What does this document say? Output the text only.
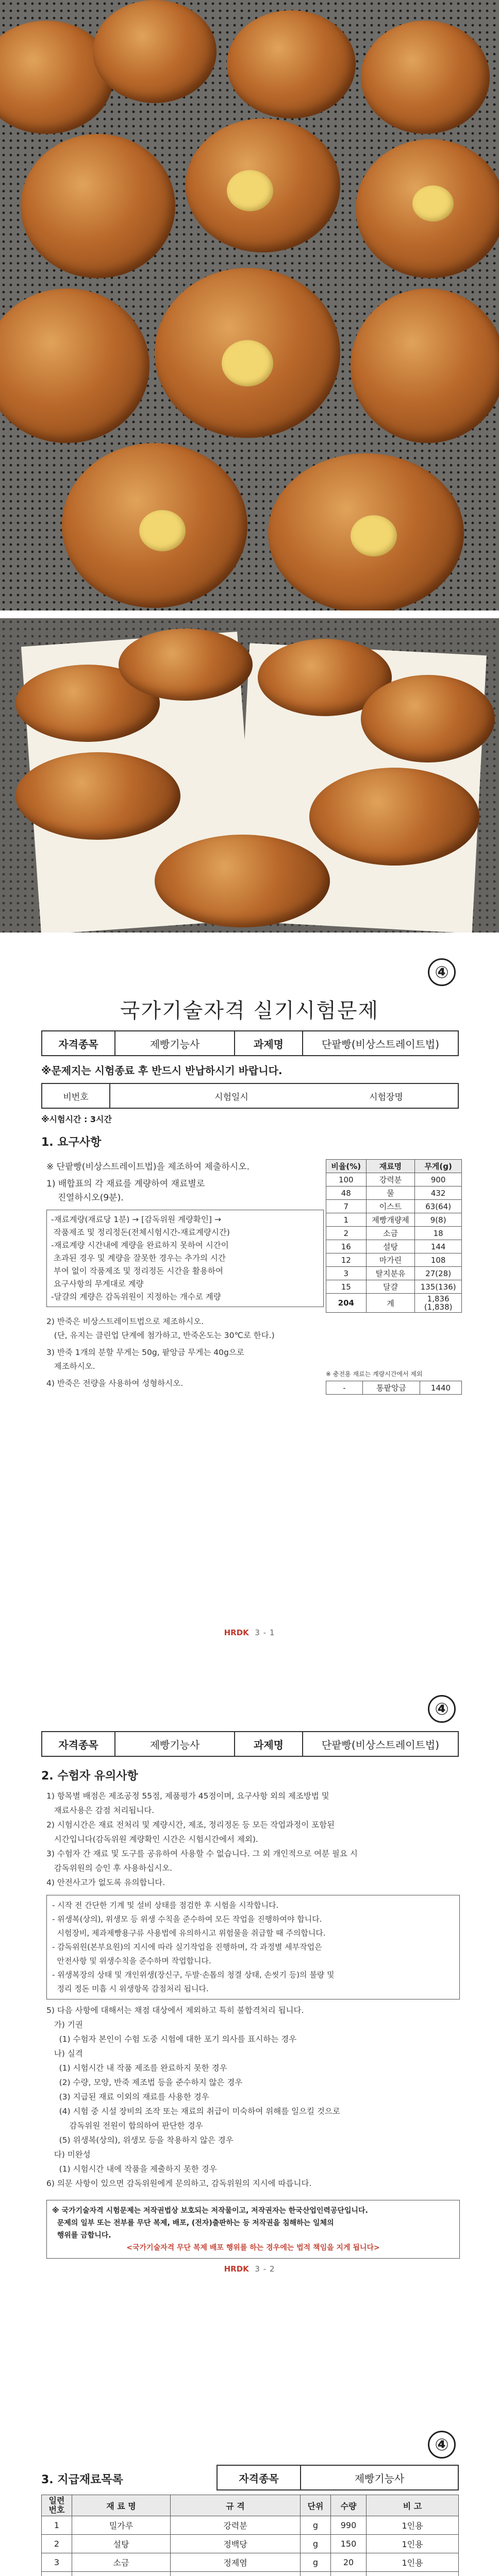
④
국가기술자격 실기시험문제
자격종목	제빵기능사	과제명	단팥빵(비상스트레이트법)
※문제지는 시험종료 후 반드시 반납하시기 바랍니다.
비번호		시험일시		시험장명	
※시험시간 : 3시간
1. 요구사항
※ 단팥빵(비상스트레이트법)을 제조하여 제출하시오.
1) 배합표의 각 재료를 계량하여 재료별로
진열하시오(9분).
-재료계량(재료당 1분) → [감독위원 계량확인] →
작품제조 및 정리정돈(전체시험시간-재료계량시간)
-재료계량 시간내에 계량을 완료하지 못하여 시간이
초과된 경우 및 계량을 잘못한 경우는 추가의 시간
부여 없이 작품제조 및 정리정돈 시간을 활용하여
요구사항의 무게대로 계량
-달걀의 계량은 감독위원이 지정하는 개수로 계량
2) 반죽은 비상스트레이트법으로 제조하시오.
(단, 유지는 클린업 단계에 첨가하고, 반죽온도는 30℃로 한다.)
3) 반죽 1개의 분할 무게는 50g, 팥앙금 무게는 40g으로
제조하시오.
4) 반죽은 전량을 사용하여 성형하시오.
비율(%)	재료명	무게(g)
100	강력분	900
48	물	432
7	이스트	63(64)
1	제빵개량제	9(8)
2	소금	18
16	설탕	144
12	마가린	108
3	탈지분유	27(28)
15	달걀	135(136)
204	계	1,836
(1,838)
※ 충전용 재료는 계량시간에서 제외
-	통팥앙금	1440
HRDK 3 - 1
④
자격종목	제빵기능사	과제명	단팥빵(비상스트레이트법)
2. 수험자 유의사항
1) 항목별 배점은 제조공정 55점, 제품평가 45점이며, 요구사항 외의 제조방법 및
재료사용은 감점 처리됩니다.
2) 시험시간은 재료 전처리 및 계량시간, 제조, 정리정돈 등 모든 작업과정이 포함된
시간입니다(감독위원 계량확인 시간은 시험시간에서 제외).
3) 수험자 간 재료 및 도구를 공유하여 사용할 수 없습니다. 그 외 개인적으로 여분 필요 시
감독위원의 승인 후 사용하십시오.
4) 안전사고가 없도록 유의합니다.
- 시작 전 간단한 기계 및 설비 상태를 점검한 후 시험을 시작합니다.
- 위생복(상의), 위생모 등 위생 수칙을 준수하여 모든 작업을 진행하여야 합니다.
시험장비, 제과제빵용구류 사용법에 유의하시고 위험물을 취급할 때 주의합니다.
- 감독위원(본부요원)의 지시에 따라 실기작업을 진행하며, 각 과정별 세부작업은
안전사항 및 위생수칙을 준수하며 작업합니다.
- 위생복장의 상태 및 개인위생(장신구, 두발·손톱의 청결 상태, 손씻기 등)의 불량 및
정리 정돈 미흡 시 위생항목 감점처리 됩니다.
5) 다음 사항에 대해서는 채점 대상에서 제외하고 특히 불합격처리 됩니다.
가) 기권
(1) 수험자 본인이 수험 도중 시험에 대한 포기 의사를 표시하는 경우
나) 실격
(1) 시험시간 내 작품 제조를 완료하지 못한 경우
(2) 수량, 모양, 반죽 제조법 등을 준수하지 않은 경우
(3) 지급된 재료 이외의 재료를 사용한 경우
(4) 시험 중 시설 장비의 조작 또는 재료의 취급이 미숙하여 위해를 일으킬 것으로
감독위원 전원이 합의하여 판단한 경우
(5) 위생복(상의), 위생모 등을 착용하지 않은 경우
다) 미완성
(1) 시험시간 내에 작품을 제출하지 못한 경우
6) 의문 사항이 있으면 감독위원에게 문의하고, 감독위원의 지시에 따릅니다.
※ 국가기술자격 시험문제는 저작권법상 보호되는 저작물이고, 저작권자는 한국산업인력공단입니다.
문제의 일부 또는 전부를 무단 복제, 배포, (전자)출판하는 등 저작권을 침해하는 일체의
행위를 금합니다.
<국가기술자격 무단 복제 배포 행위를 하는 경우에는 법적 책임을 지게 됩니다>
HRDK 3 - 2
④
3. 지급재료목록	자격종목	제빵기능사
일련
번호	재 료 명	규 격	단위	수량	비 고
1	밀가루	강력분	g	990	1인용
2	설탕	정백당	g	150	1인용
3	소금	정제염	g	20	1인용
